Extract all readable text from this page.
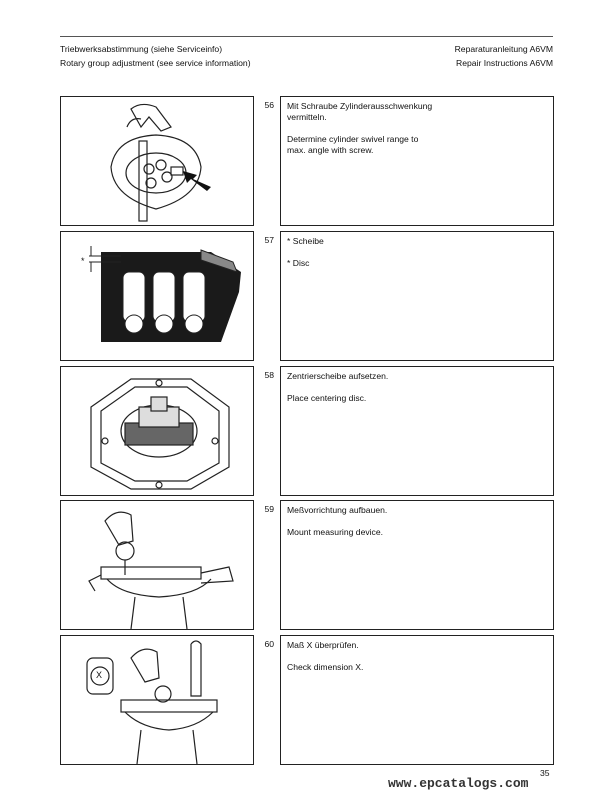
Triebwerksabstimmung (siehe Serviceinfo)
Rotary group adjustment (see service information)
Reparaturanleitung A6VM
Repair Instructions A6VM
56 Mit Schraube Zylinderausschwenkung
vermitteln.
Determine cylinder swivel range to
max. angle with screw.
*
57 * Scheibe
* Disc
58 Zentrierscheibe aufsetzen.
Place centering disc.
59 Meßvorrichtung aufbauen.
Mount measuring device.
X
60 Maß X überprüfen.
Check dimension X.
www.epcatalogs.com
35
